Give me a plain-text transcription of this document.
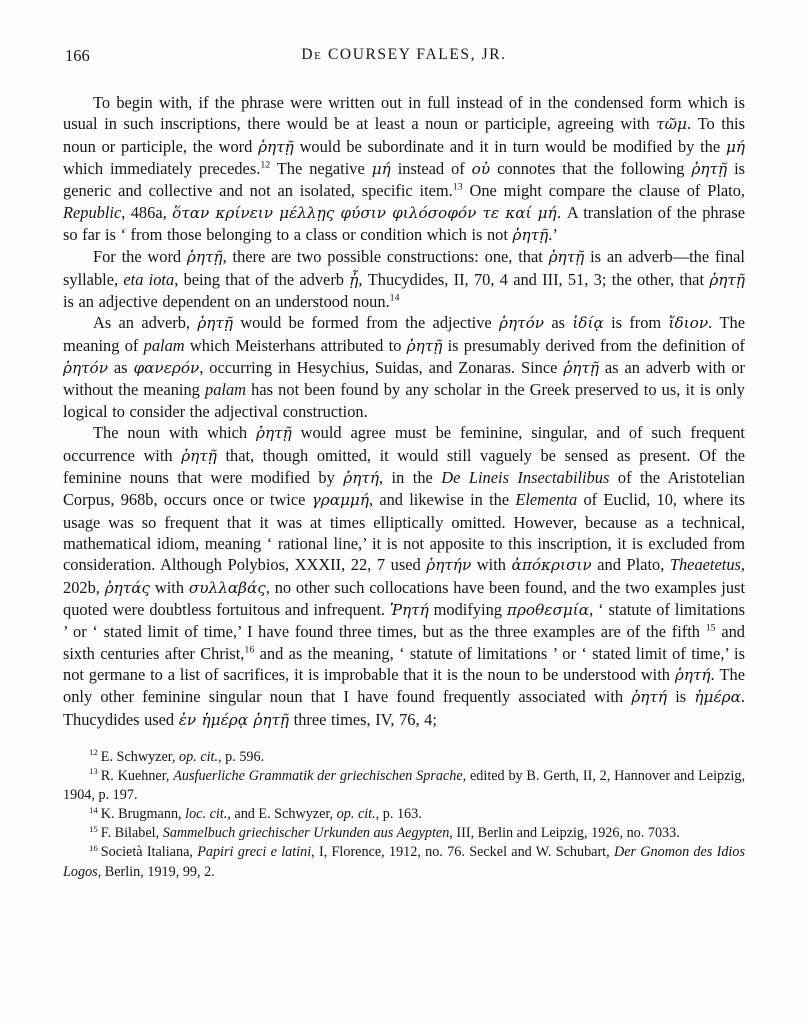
166	De COURSEY FALES, JR.

To begin with, if the phrase were written out in full instead of in the condensed form which is usual in such inscriptions, there would be at least a noun or participle, agreeing with τῶμ. To this noun or participle, the word ῥητῇ would be subordinate and it in turn would be modified by the μή which immediately precedes.$^{12}$ The negative μή instead of οὐ connotes that the following ῥητῇ is generic and collective and not an isolated, specific item.$^{13}$ One might compare the clause of Plato, Republic, 486a, ὅταν κρίνειν μέλλῃς φύσιν φιλόσοφόν τε καί μή. A translation of the phrase so far is ‘ from those belonging to a class or condition which is not ῥητῇ.’

For the word ῥητῇ, there are two possible constructions: one, that ῥητῇ is an adverb—the final syllable, eta iota, being that of the adverb ᾗ, Thucydides, II, 70, 4 and III, 51, 3; the other, that ῥητῇ is an adjective dependent on an understood noun.$^{14}$

As an adverb, ῥητῇ would be formed from the adjective ῥητόν as ἰδίᾳ is from ἴδιον. The meaning of palam which Meisterhans attributed to ῥητῇ is presumably derived from the definition of ῥητόν as φανερόν, occurring in Hesychius, Suidas, and Zonaras. Since ῥητῇ as an adverb with or without the meaning palam has not been found by any scholar in the Greek preserved to us, it is only logical to consider the adjectival construction.

The noun with which ῥητῇ would agree must be feminine, singular, and of such frequent occurrence with ῥητῇ that, though omitted, it would still vaguely be sensed as present. Of the feminine nouns that were modified by ῥητή, in the De Lineis Insectabilibus of the Aristotelian Corpus, 968b, occurs once or twice γραμμή, and likewise in the Elementa of Euclid, 10, where its usage was so frequent that it was at times elliptically omitted. However, because as a technical, mathematical idiom, meaning ‘ rational line,’ it is not apposite to this inscription, it is excluded from consideration. Although Polybios, XXXII, 22, 7 used ῥητήν with ἀπόκρισιν and Plato, Theaetetus, 202b, ῥητάς with συλλαβάς, no other such collocations have been found, and the two examples just quoted were doubtless fortuitous and infrequent. Ῥητή modifying προθεσμία, ‘ statute of limitations ’ or ‘ stated limit of time,’ I have found three times, but as the three examples are of the fifth $^{15}$ and sixth centuries after Christ,$^{16}$ and as the meaning, ‘ statute of limitations ’ or ‘ stated limit of time,’ is not germane to a list of sacrifices, it is improbable that it is the noun to be understood with ῥητή. The only other feminine singular noun that I have found frequently associated with ῥητή is ἡμέρα. Thucydides used ἐν ἡμέρᾳ ῥητῇ three times, IV, 76, 4;

$^{12}$ E. Schwyzer, op. cit., p. 596.

$^{13}$ R. Kuehner, Ausfuerliche Grammatik der griechischen Sprache, edited by B. Gerth, II, 2, Hannover and Leipzig, 1904, p. 197.

$^{14}$ K. Brugmann, loc. cit., and E. Schwyzer, op. cit., p. 163.

$^{15}$ F. Bilabel, Sammelbuch griechischer Urkunden aus Aegypten, III, Berlin and Leipzig, 1926, no. 7033.

$^{16}$ Società Italiana, Papiri greci e latini, I, Florence, 1912, no. 76. Seckel and W. Schubart, Der Gnomon des Idios Logos, Berlin, 1919, 99, 2.
